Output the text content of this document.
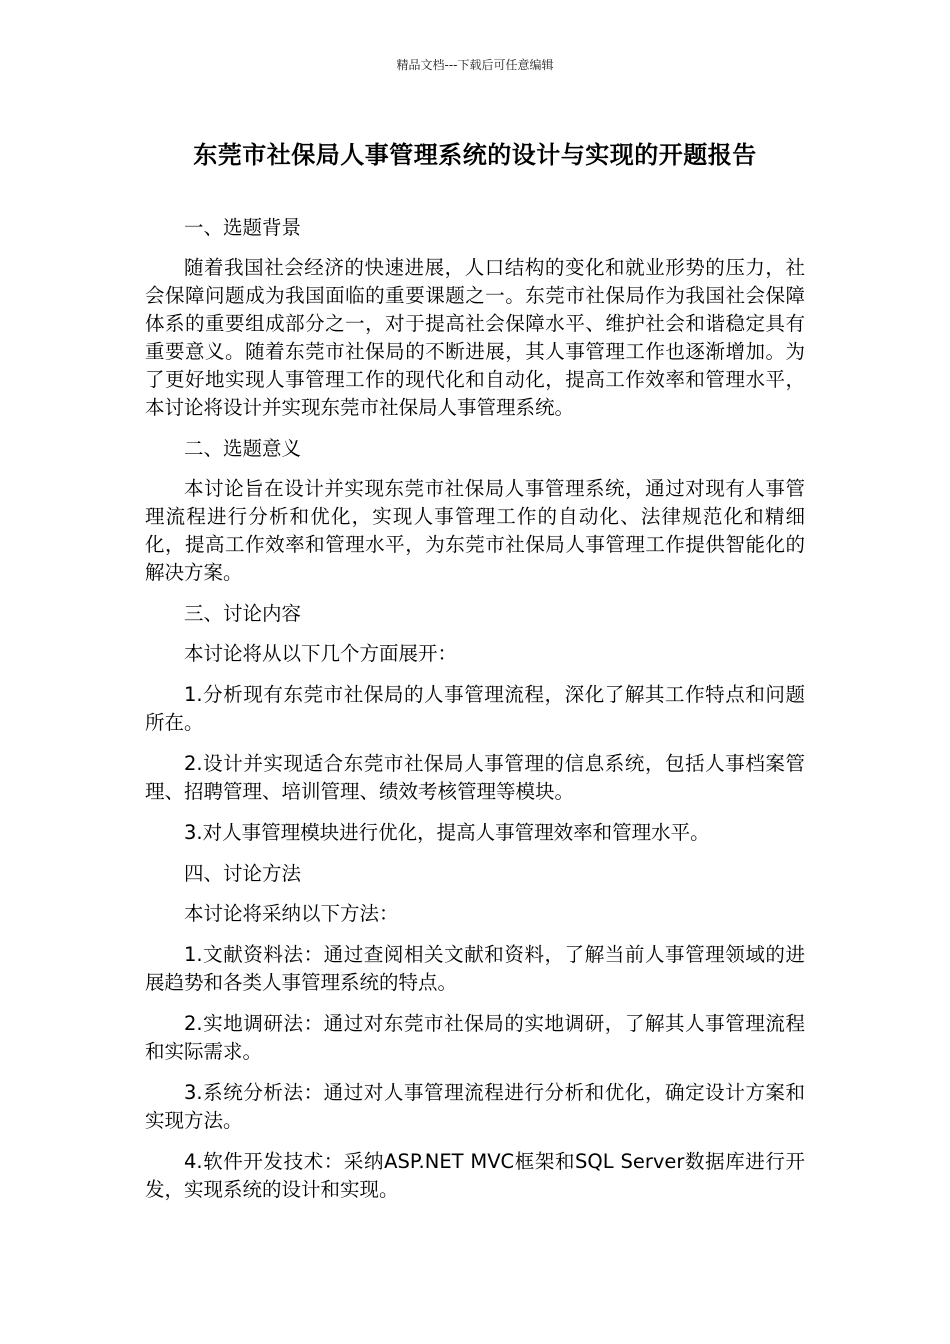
精品文档---下载后可任意编辑
东莞市社保局人事管理系统的设计与实现的开题报告

一、选题背景

随着我国社会经济的快速进展，人口结构的变化和就业形势的压力，社会保障问题成为我国面临的重要课题之一。东莞市社保局作为我国社会保障体系的重要组成部分之一，对于提高社会保障水平、维护社会和谐稳定具有重要意义。随着东莞市社保局的不断进展，其人事管理工作也逐渐增加。为了更好地实现人事管理工作的现代化和自动化，提高工作效率和管理水平，本讨论将设计并实现东莞市社保局人事管理系统。

二、选题意义

本讨论旨在设计并实现东莞市社保局人事管理系统，通过对现有人事管理流程进行分析和优化，实现人事管理工作的自动化、法律规范化和精细化，提高工作效率和管理水平，为东莞市社保局人事管理工作提供智能化的解决方案。

三、讨论内容

本讨论将从以下几个方面展开：

1.分析现有东莞市社保局的人事管理流程，深化了解其工作特点和问题所在。

2.设计并实现适合东莞市社保局人事管理的信息系统，包括人事档案管理、招聘管理、培训管理、绩效考核管理等模块。

3.对人事管理模块进行优化，提高人事管理效率和管理水平。

四、讨论方法

本讨论将采纳以下方法：

1.文献资料法：通过查阅相关文献和资料，了解当前人事管理领域的进展趋势和各类人事管理系统的特点。

2.实地调研法：通过对东莞市社保局的实地调研，了解其人事管理流程和实际需求。

3.系统分析法：通过对人事管理流程进行分析和优化，确定设计方案和实现方法。

4.软件开发技术：采纳ASP.NET MVC框架和SQL Server数据库进行开发，实现系统的设计和实现。
